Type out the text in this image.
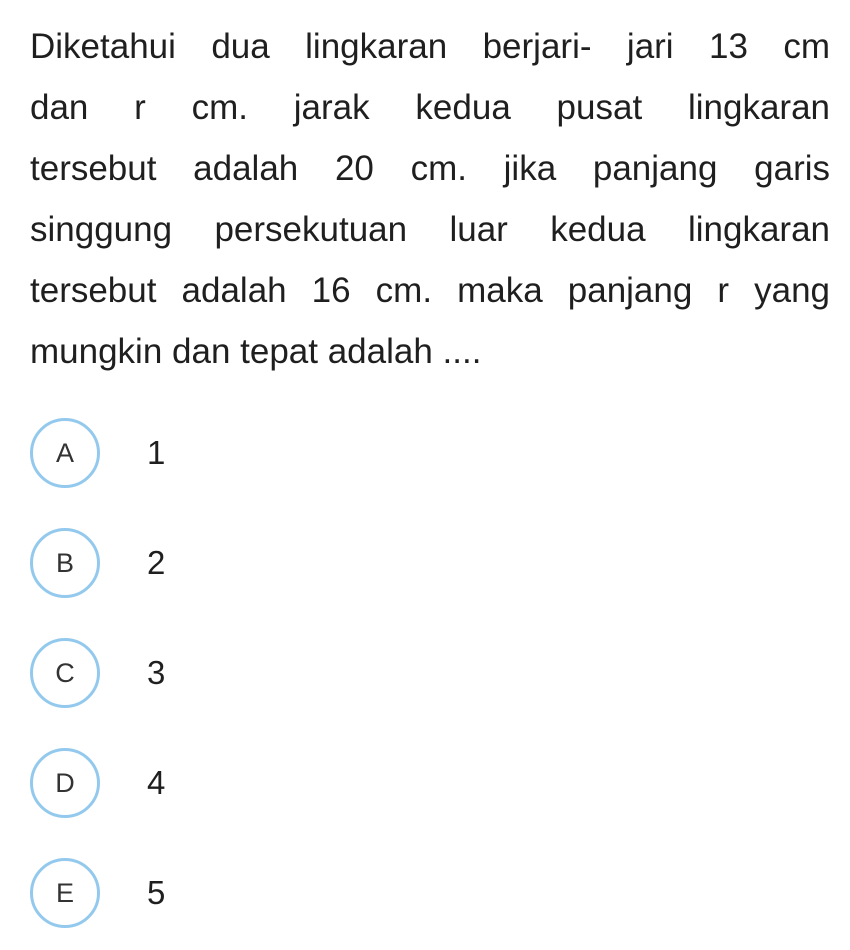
Diketahui dua lingkaran berjari- jari 13 cm
dan r cm. jarak kedua pusat lingkaran
tersebut adalah 20 cm. jika panjang garis
singgung persekutuan luar kedua lingkaran
tersebut adalah 16 cm. maka panjang r yang
mungkin dan tepat adalah ....
A	1
B	2
C	3
D	4
E	5
